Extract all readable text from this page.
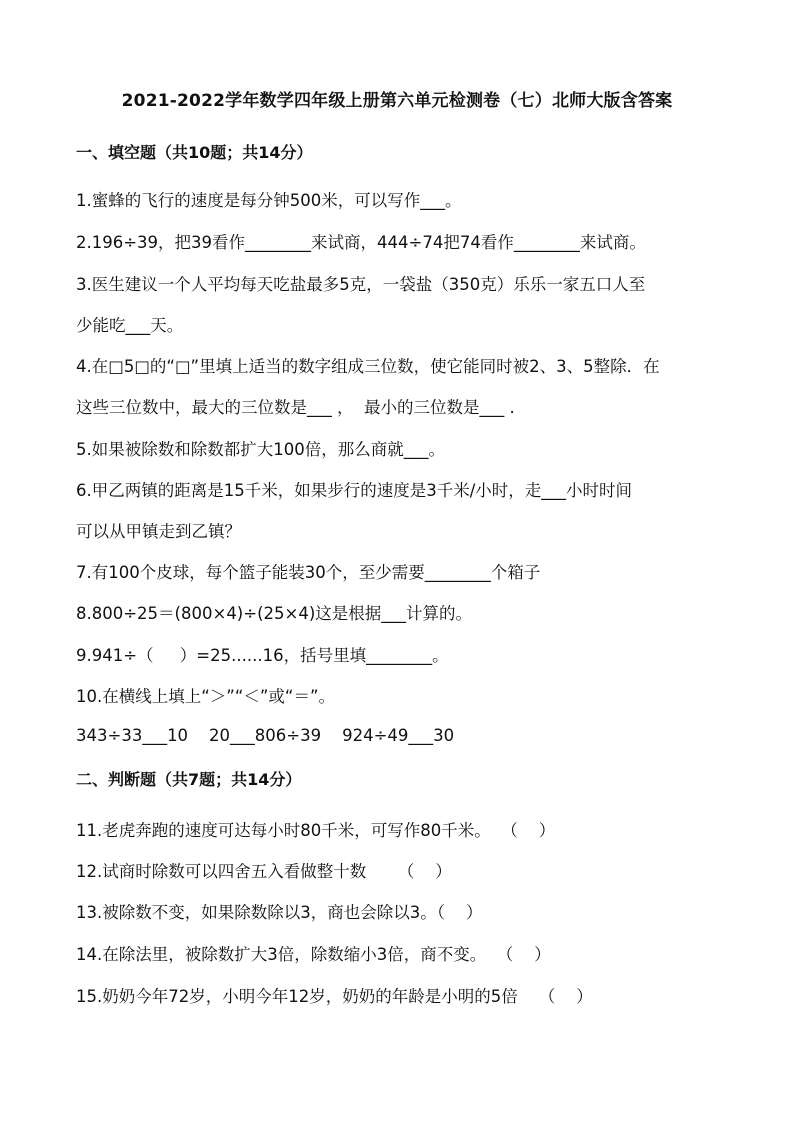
2021-2022学年数学四年级上册第六单元检测卷（七）北师大版含答案
一、填空题（共10题；共14分）
1.蜜蜂的飞行的速度是每分钟500米，可以写作___。
2.196÷39，把39看作________来试商，444÷74把74看作________来试商。
3.医生建议一个人平均每天吃盐最多5克，一袋盐（350克）乐乐一家五口人至
少能吃___天。
4.在□5□的“□”里填上适当的数字组成三位数，使它能同时被2、3、5整除．在
这些三位数中，最大的三位数是___ ，  最小的三位数是___ .
5.如果被除数和除数都扩大100倍，那么商就___。
6.甲乙两镇的距离是15千米，如果步行的速度是3千米/小时，走___小时时间
可以从甲镇走到乙镇？
7.有100个皮球，每个篮子能装30个，至少需要________个箱子
8.800÷25＝(800×4)÷(25×4)这是根据___计算的。
9.941÷（     ）=25......16，括号里填________。
10.在横线上填上“＞”“＜”或“＝”。
343÷33___10    20___806÷39    924÷49___30
二、判断题（共7题；共14分）
11.老虎奔跑的速度可达每小时80千米，可写作80千米。  （    ）
12.试商时除数可以四舍五入看做整十数      （    ）
13.被除数不变，如果除数除以3，商也会除以3。（    ）
14.在除法里，被除数扩大3倍，除数缩小3倍，商不变。  （    ）
15.奶奶今年72岁，小明今年12岁，奶奶的年龄是小明的5倍    （    ）
